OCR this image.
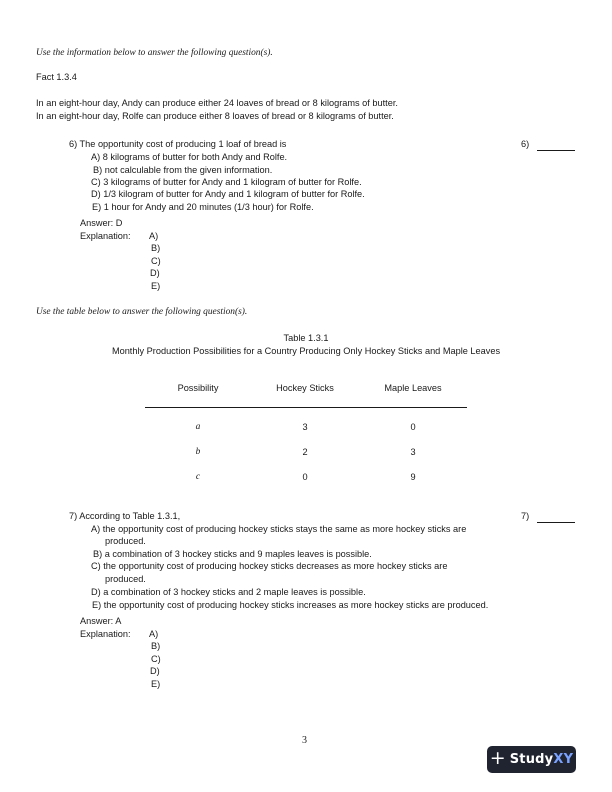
Use the information below to answer the following question(s).
Fact 1.3.4
In an eight-hour day, Andy can produce either 24 loaves of bread or 8 kilograms of butter.
In an eight-hour day, Rolfe can produce either 8 loaves of bread or 8 kilograms of butter.
6) The opportunity cost of producing 1 loaf of bread is	6)
A) 8 kilograms of butter for both Andy and Rolfe.
B) not calculable from the given information.
C) 3 kilograms of butter for Andy and 1 kilogram of butter for Rolfe.
D) 1/3 kilogram of butter for Andy and 1 kilogram of butter for Rolfe.
E) 1 hour for Andy and 20 minutes (1/3 hour) for Rolfe.
Answer: D
Explanation: A)
B)
C)
D)
E)
Use the table below to answer the following question(s).
Table 1.3.1
Monthly Production Possibilities for a Country Producing Only Hockey Sticks and Maple Leaves
Possibility	Hockey Sticks	Maple Leaves
a	3	0
b	2	3
c	0	9
7) According to Table 1.3.1,	7)
A) the opportunity cost of producing hockey sticks stays the same as more hockey sticks are
produced.
B) a combination of 3 hockey sticks and 9 maples leaves is possible.
C) the opportunity cost of producing hockey sticks decreases as more hockey sticks are
produced.
D) a combination of 3 hockey sticks and 2 maple leaves is possible.
E) the opportunity cost of producing hockey sticks increases as more hockey sticks are produced.
Answer: A
Explanation: A)
B)
C)
D)
E)
3
+ StudyXY
